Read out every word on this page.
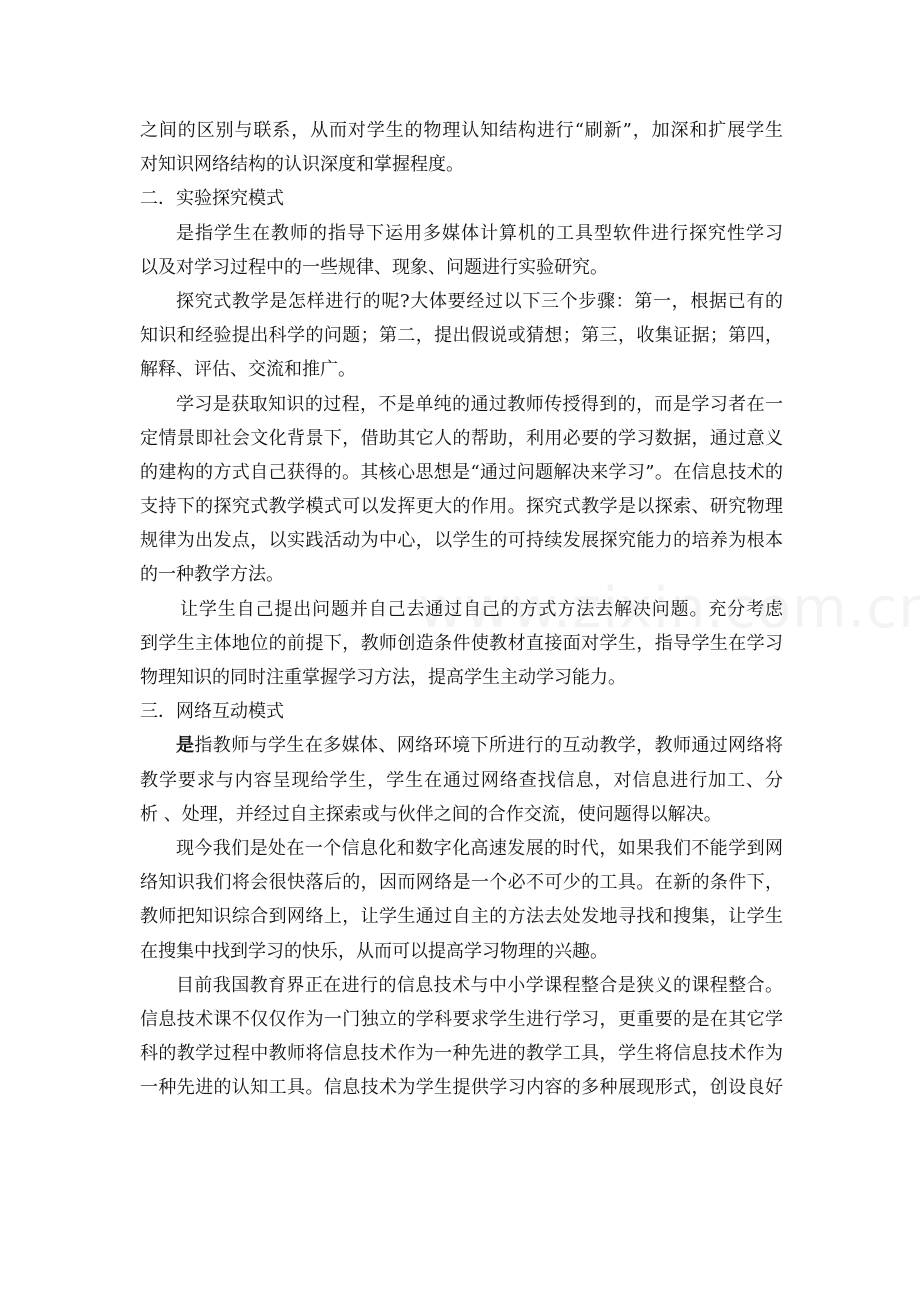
之间的区别与联系，从而对学生的物理认知结构进行“刷新”，加深和扩展学生
对知识网络结构的认识深度和掌握程度。
二．实验探究模式
是指学生在教师的指导下运用多媒体计算机的工具型软件进行探究性学习
以及对学习过程中的一些规律、现象、问题进行实验研究。
探究式教学是怎样进行的呢?大体要经过以下三个步骤：第一，根据已有的
知识和经验提出科学的问题；第二，提出假说或猜想；第三，收集证据；第四，
解释、评估、交流和推广。
学习是获取知识的过程，不是单纯的通过教师传授得到的，而是学习者在一
定情景即社会文化背景下，借助其它人的帮助，利用必要的学习数据，通过意义
的建构的方式自己获得的。其核心思想是“通过问题解决来学习”。在信息技术的
支持下的探究式教学模式可以发挥更大的作用。探究式教学是以探索、研究物理
规律为出发点，以实践活动为中心，以学生的可持续发展探究能力的培养为根本
的一种教学方法。
让学生自己提出问题并自己去通过自己的方式方法去解决问题。充分考虑
到学生主体地位的前提下，教师创造条件使教材直接面对学生，指导学生在学习
物理知识的同时注重掌握学习方法，提高学生主动学习能力。
三．网络互动模式
是指教师与学生在多媒体、网络环境下所进行的互动教学，教师通过网络将
教学要求与内容呈现给学生，学生在通过网络查找信息，对信息进行加工、分
析 、处理，并经过自主探索或与伙伴之间的合作交流，使问题得以解决。
现今我们是处在一个信息化和数字化高速发展的时代，如果我们不能学到网
络知识我们将会很快落后的，因而网络是一个必不可少的工具。在新的条件下，
教师把知识综合到网络上，让学生通过自主的方法去处发地寻找和搜集，让学生
在搜集中找到学习的快乐，从而可以提高学习物理的兴趣。
目前我国教育界正在进行的信息技术与中小学课程整合是狭义的课程整合。
信息技术课不仅仅作为一门独立的学科要求学生进行学习，更重要的是在其它学
科的教学过程中教师将信息技术作为一种先进的教学工具，学生将信息技术作为
一种先进的认知工具。信息技术为学生提供学习内容的多种展现形式，创设良好
